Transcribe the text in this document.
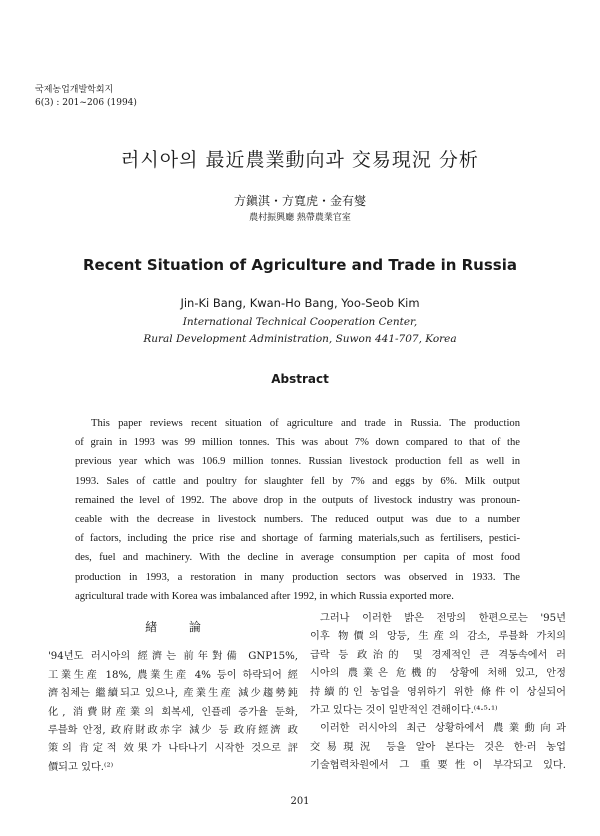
국제농업개발학회지
6(3) : 201~206 (1994)
러시아의 最近農業動向과 交易現況 分析
方鎭淇・方寬虎・金有燮
農村振興廳 熱帶農業官室
Recent Situation of Agriculture and Trade in Russia
Jin-Ki Bang, Kwan-Ho Bang, Yoo-Seob Kim
International Technical Cooperation Center,
Rural Development Administration, Suwon 441-707, Korea
Abstract
This paper reviews recent situation of agriculture and trade in Russia. The production
of grain in 1993 was 99 million tonnes. This was about 7% down compared to that of the
previous year which was 106.9 million tonnes. Russian livestock production fell as well in
1993. Sales of cattle and poultry for slaughter fell by 7% and eggs by 6%. Milk output
remained the level of 1992. The above drop in the outputs of livestock industry was pronoun-
ceable with the decrease in livestock numbers. The reduced output was due to a number
of factors, including the price rise and shortage of farming materials,such as fertilisers, pestici-
des, fuel and machinery. With the decline in average consumption per capita of most food
production in 1993, a restoration in many production sectors was observed in 1933. The
agricultural trade with Korea was imbalanced after 1992, in which Russia exported more.
緖 論
'94년도 러시아의 經濟는 前年對備 GNP15%,
工業生産 18%, 農業生産 4% 등이 하락되어 經
濟침체는 繼續되고 있으나, 産業生産 減少趨勢鈍
化, 消費財産業의 회복세, 인플레 증가율 둔화,
루블화 안정, 政府財政赤字 減少 등 政府經濟 政
策의 肯定적 效果가 나타나기 시작한 것으로 評
價되고 있다.⁽²⁾
그러나 이러한 밝은 전망의 한편으로는 '95년
이후 物價의 앙등, 生産의 감소, 루블화 가치의
급락 등 政治的 및 경제적인 큰 격동속에서 러
시아의 農業은 危機的 상황에 처해 있고, 안정
持續的인 농업을 영위하기 위한 條件이 상실되어
가고 있다는 것이 일반적인 견해이다.⁽⁴·⁵·¹⁾
이러한 러시아의 최근 상황하에서 農業動向과
交易現況 등을 알아 본다는 것은 한·러 농업
기술협력차원에서 그 重要性이 부각되고 있다.
201
